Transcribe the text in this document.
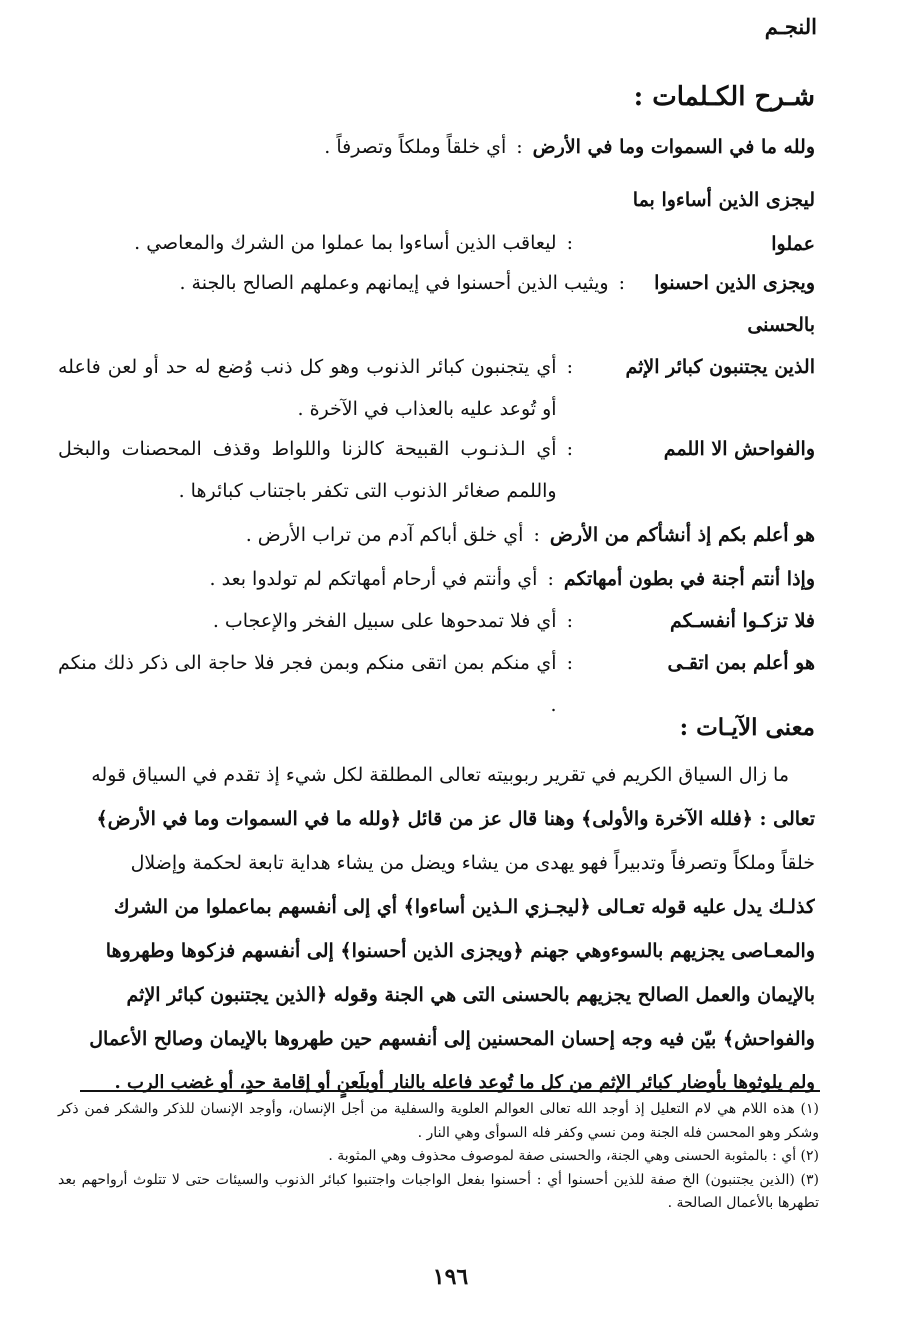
النجـم
شـرح الكـلمات :
ولله ما في السموات وما في الأرض
:
أي خلقاً وملكاً وتصرفاً .
ليجزى الذين أساءوا بما عملوا
:
ليعاقب الذين أساءوا بما عملوا من الشرك والمعاصي .
ويجزى الذين احسنوا بالحسنى
:
ويثيب الذين أحسنوا في إيمانهم وعملهم الصالح بالجنة .
الذين يجتنبون كبائر الإثم
:
أي يتجنبون كبائر الذنوب وهو كل ذنب وُضع له حد أو لعن فاعله أو تُوعد عليه بالعذاب في الآخرة .
والفواحش الا اللمم
:
أي الـذنـوب القبيحة كالزنا واللواط وقذف المحصنات والبخل واللمم صغائر الذنوب التى تكفر باجتناب كبائرها .
هو أعلم بكم إذ أنشأكم من الأرض
:
أي خلق أباكم آدم من تراب الأرض .
وإذا أنتم أجنة في بطون أمهاتكم
:
أي وأنتم في أرحام أمهاتكم لم تولدوا بعد .
فلا تزكـوا أنفسـكم
:
أي فلا تمدحوها على سبيل الفخر والإعجاب .
هو أعلم بمن اتقـى
:
أي منكم بمن اتقى منكم وبمن فجر فلا حاجة الى ذكر ذلك منكم .
معنى الآيـات :
ما زال السياق الكريم في تقرير ربوبيته تعالى المطلقة لكل شيء إذ تقدم في السياق قوله
تعالى : ﴿فلله الآخرة والأولى﴾ وهنا قال عز من قائل ﴿ولله ما في السموات وما في الأرض﴾
خلقاً وملكاً وتصرفاً وتدبيراً فهو يهدى من يشاء ويضل من يشاء هداية تابعة لحكمة وإضلال
كذلـك يدل عليه قوله تعـالى ﴿ليجـزي الـذين أساءوا﴾ أي إلى أنفسهم بماعملوا من الشرك
والمعـاصى يجزيهم بالسوءوهي جهنم ﴿ويجزى الذين أحسنوا﴾ إلى أنفسهم فزكوها وطهروها
بالإيمان والعمل الصالح يجزيهم بالحسنى التى هي الجنة وقوله ﴿الذين يجتنبون كبائر الإثم
والفواحش﴾ بيّن فيه وجه إحسان المحسنين إلى أنفسهم حين طهروها بالإيمان وصالح الأعمال
ولم يلوثوها بأوضار كبائر الإثم من كل ما تُوعد فاعله بالنار أوبلَعنٍ أو إقامة حدٍ، أو غضب الرب .

(١) هذه اللام هي لام التعليل إذ أوجد الله تعالى العوالم العلوية والسفلية من أجل الإنسان، وأوجد الإنسان للذكر والشكر فمن ذكر وشكر وهو المحسن فله الجنة ومن نسي وكفر فله السوأى وهي النار .

(٢) أي : بالمثوبة الحسنى وهي الجنة، والحسنى صفة لموصوف محذوف وهي المثوبة .

(٣) (الذين يجتنبون) الخ صفة للذين أحسنوا أي : أحسنوا بفعل الواجبات واجتنبوا كبائر الذنوب والسيئات حتى لا تتلوث أرواحهم بعد تطهرها بالأعمال الصالحة .

١٩٦
